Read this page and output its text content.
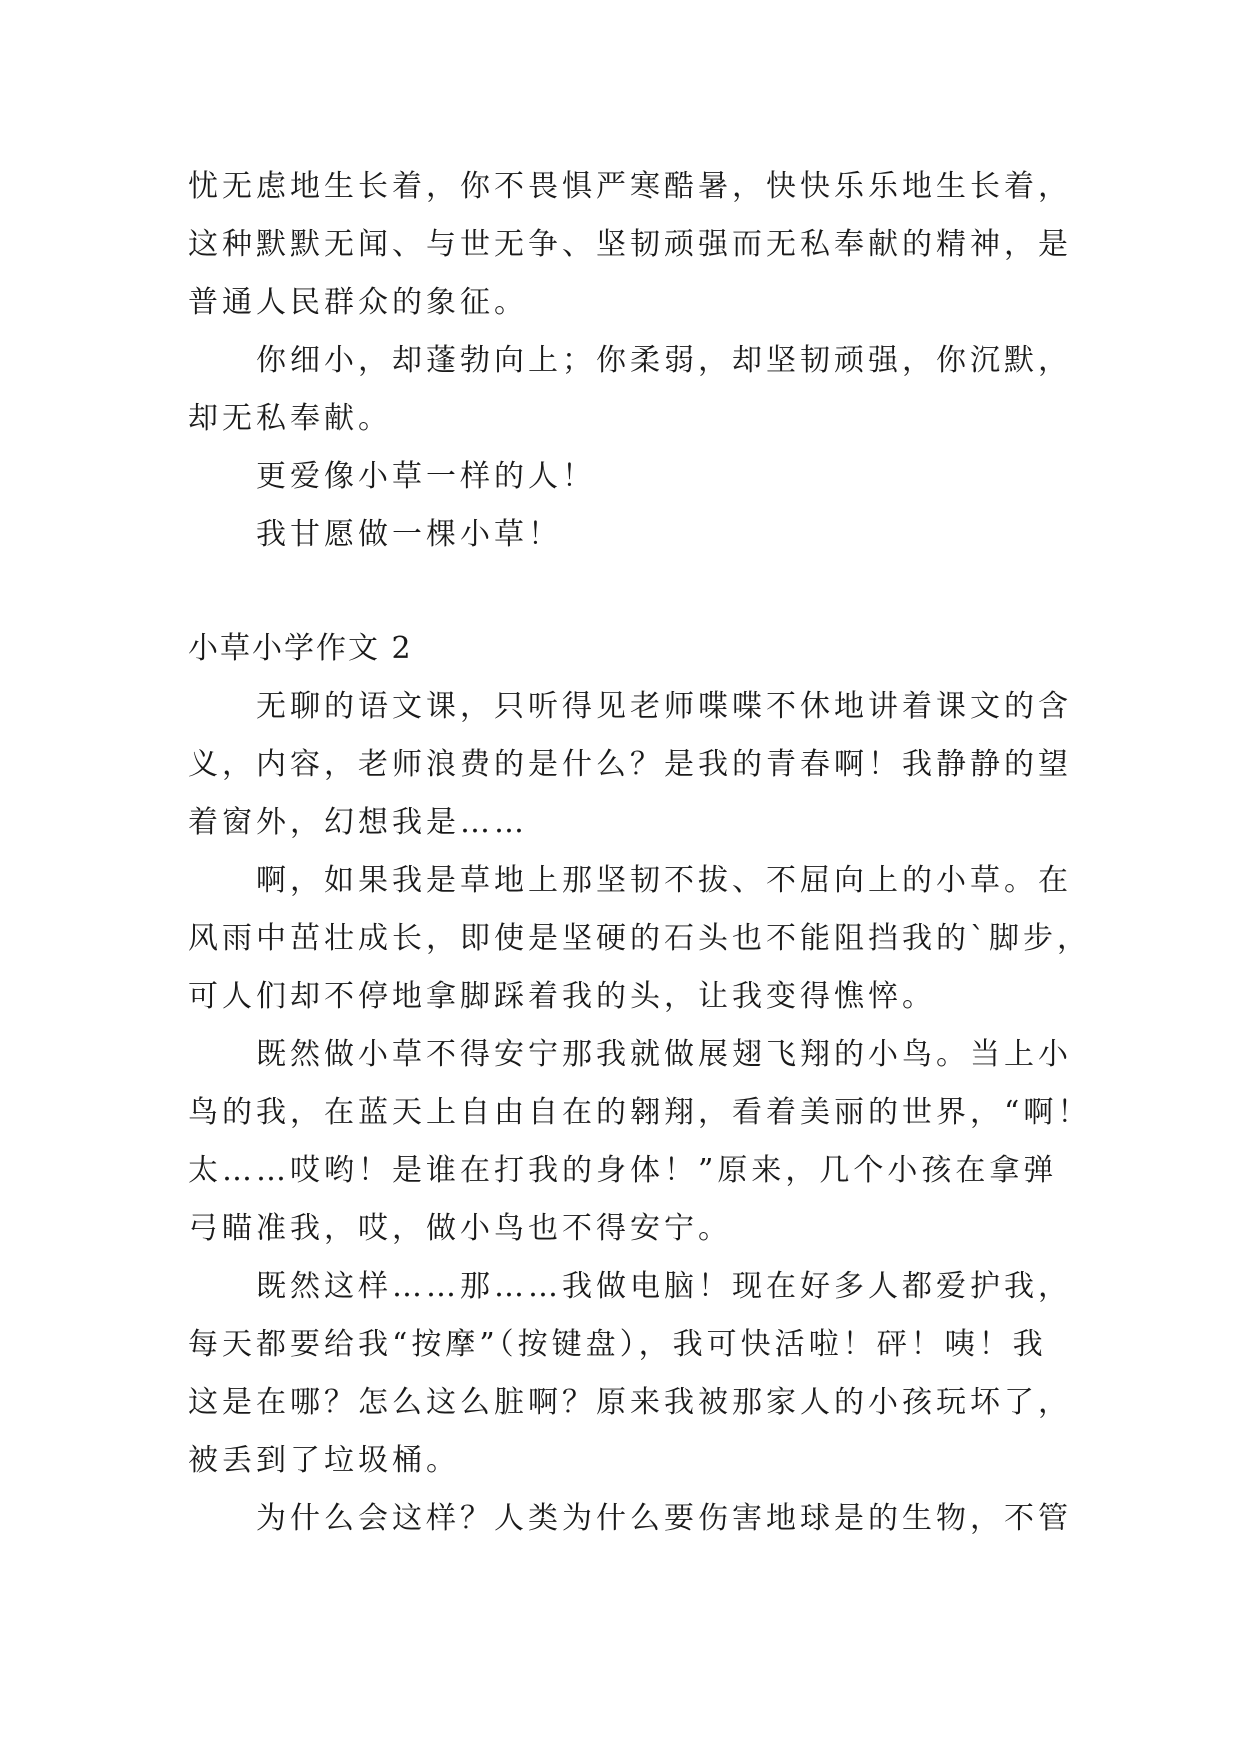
忧无虑地生长着，你不畏惧严寒酷暑，快快乐乐地生长着，
这种默默无闻、与世无争、坚韧顽强而无私奉献的精神，是
普通人民群众的象征。
你细小，却蓬勃向上；你柔弱，却坚韧顽强，你沉默，
却无私奉献。
更爱像小草一样的人！
我甘愿做一棵小草！
小草小学作文 2
无聊的语文课，只听得见老师喋喋不休地讲着课文的含
义，内容，老师浪费的是什么？是我的青春啊！我静静的望
着窗外，幻想我是……
啊，如果我是草地上那坚韧不拔、不屈向上的小草。在
风雨中茁壮成长，即使是坚硬的石头也不能阻挡我的`脚步，
可人们却不停地拿脚踩着我的头，让我变得憔悴。
既然做小草不得安宁那我就做展翅飞翔的小鸟。当上小
鸟的我，在蓝天上自由自在的翱翔，看着美丽的世界，“啊！
太……哎哟！是谁在打我的身体！”原来，几个小孩在拿弹
弓瞄准我，哎，做小鸟也不得安宁。
既然这样……那……我做电脑！现在好多人都爱护我，
每天都要给我“按摩”（按键盘），我可快活啦！砰！咦！我
这是在哪？怎么这么脏啊？原来我被那家人的小孩玩坏了，
被丢到了垃圾桶。
为什么会这样？人类为什么要伤害地球是的生物，不管
